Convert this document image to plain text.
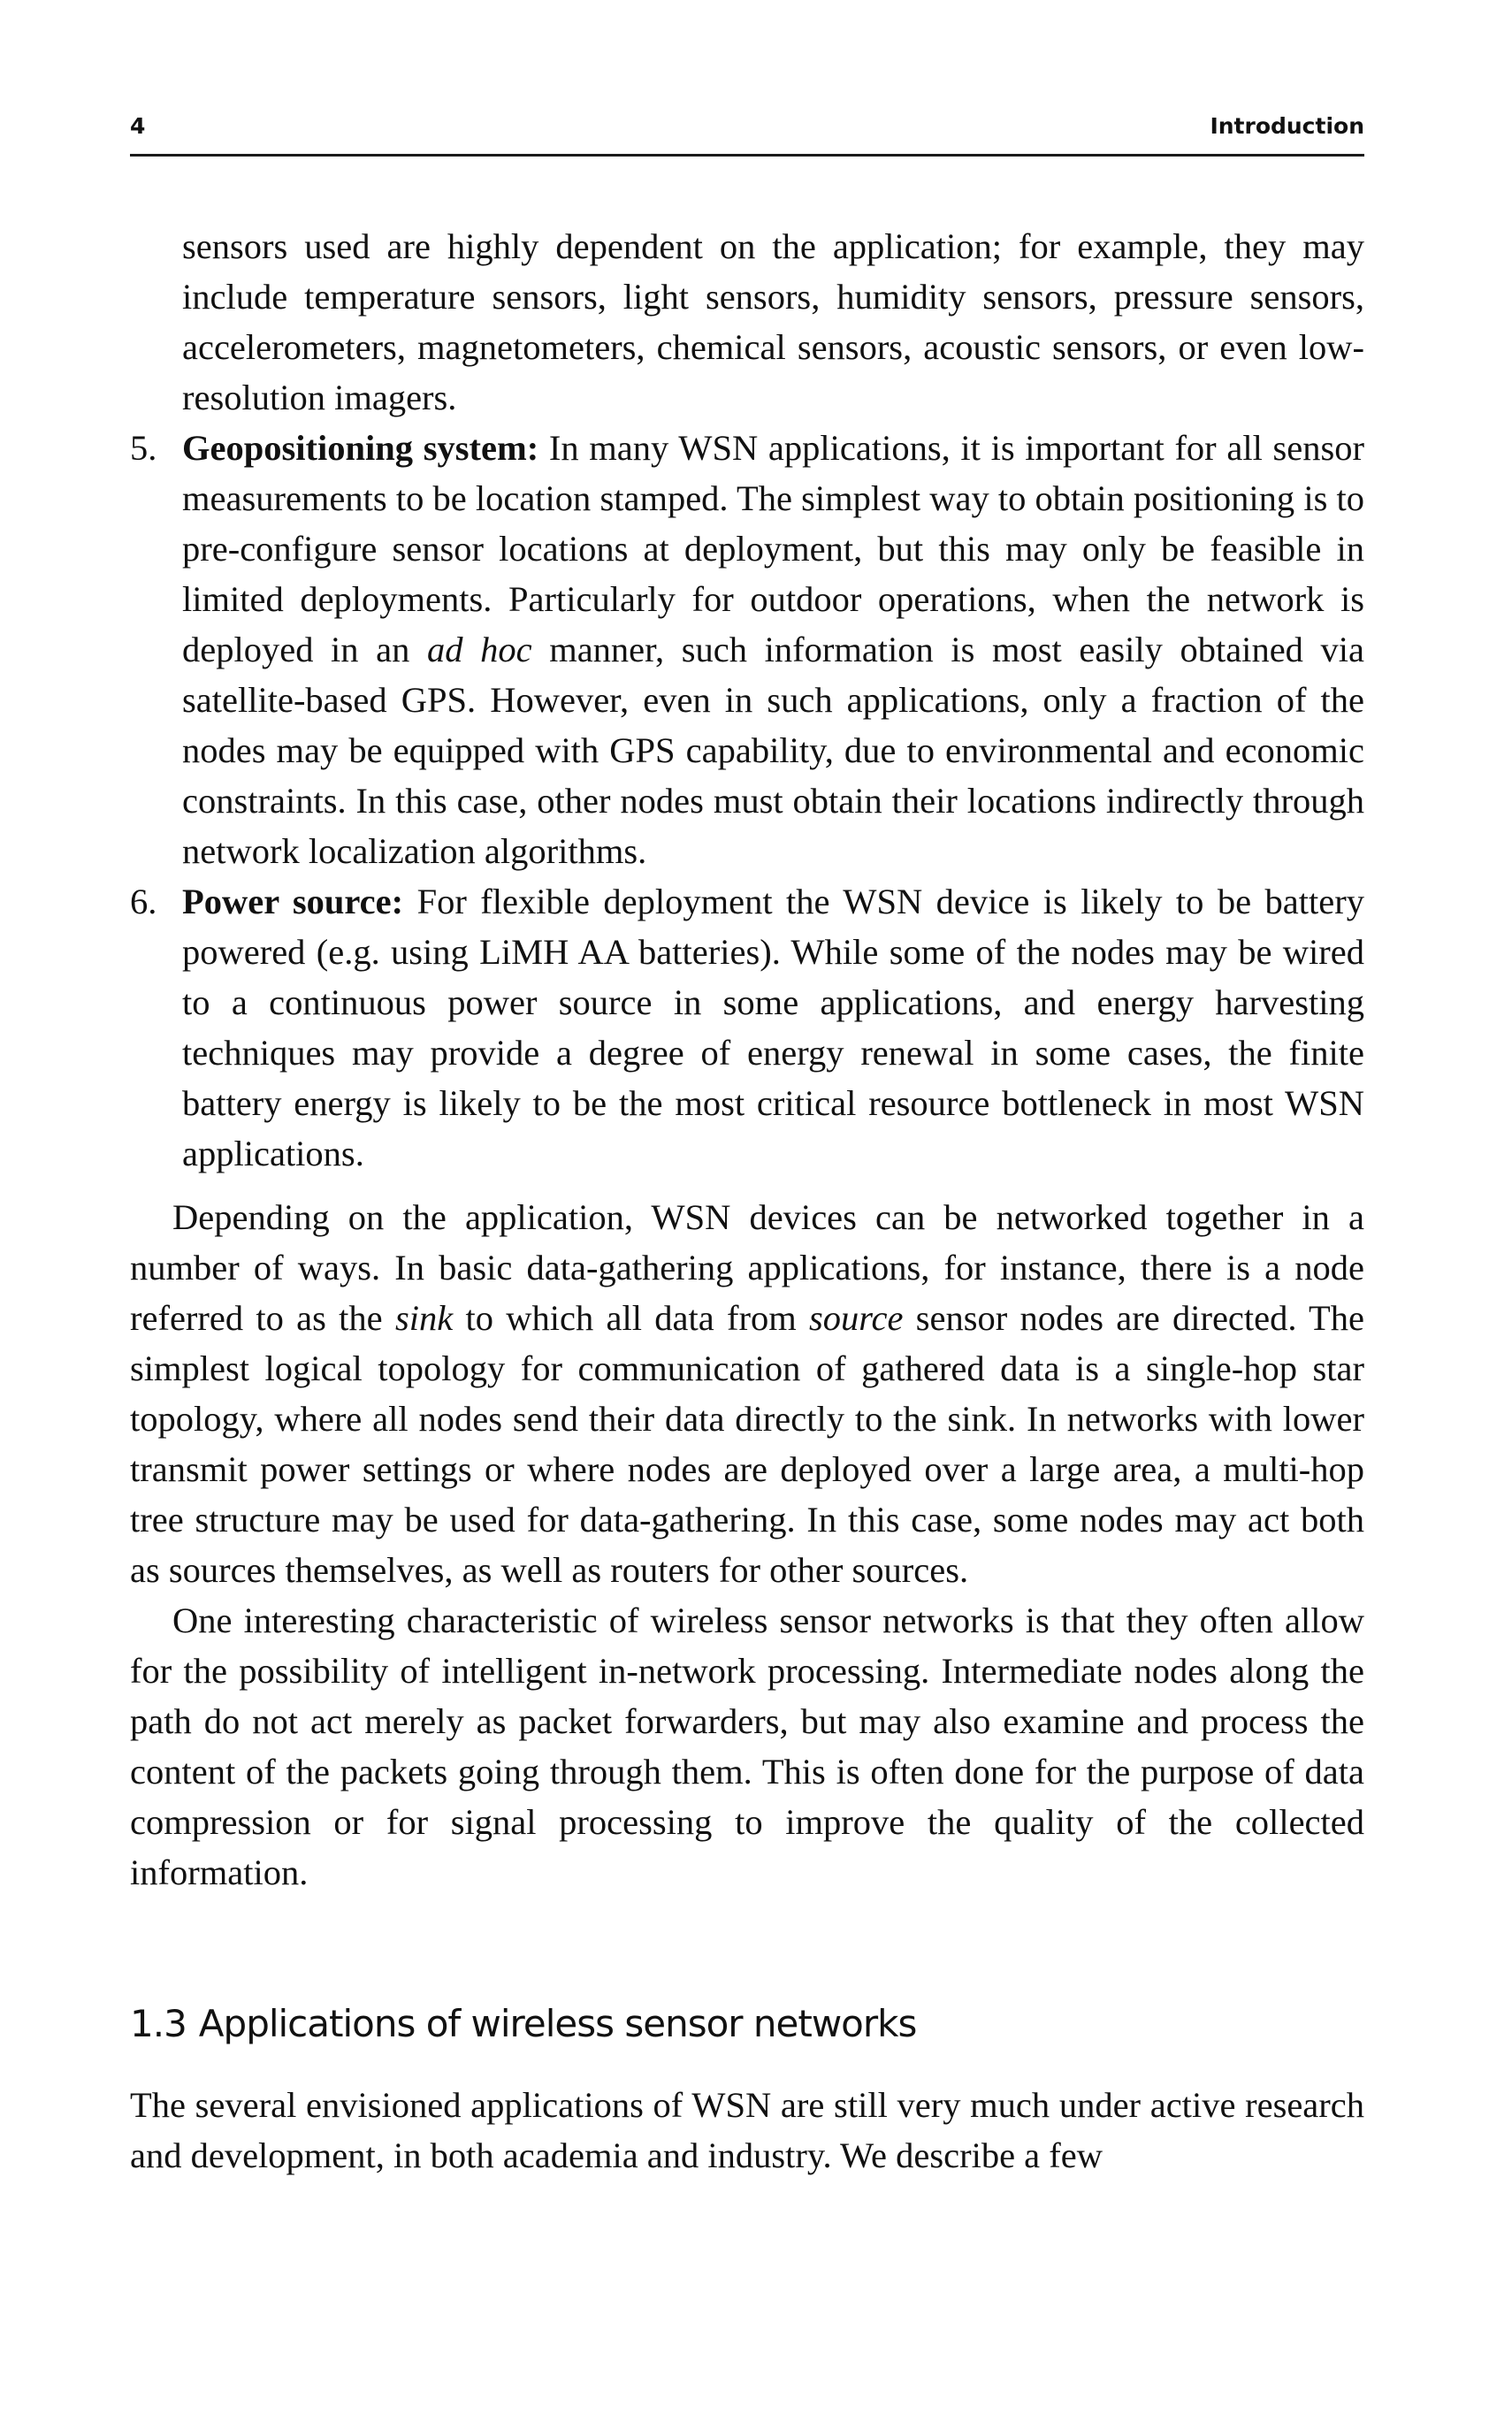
4	Introduction

sensors used are highly dependent on the application; for example, they may include temperature sensors, light sensors, humidity sensors, pressure sensors, accelerometers, magnetometers, chemical sensors, acoustic sensors, or even low-resolution imagers.

5. Geopositioning system: In many WSN applications, it is important for all sensor measurements to be location stamped. The simplest way to obtain positioning is to pre-configure sensor locations at deployment, but this may only be feasible in limited deployments. Particularly for outdoor operations, when the network is deployed in an ad hoc manner, such information is most easily obtained via satellite-based GPS. However, even in such applications, only a fraction of the nodes may be equipped with GPS capability, due to environmental and economic constraints. In this case, other nodes must obtain their locations indirectly through network localization algorithms.

6. Power source: For flexible deployment the WSN device is likely to be battery powered (e.g. using LiMH AA batteries). While some of the nodes may be wired to a continuous power source in some applications, and energy harvesting techniques may provide a degree of energy renewal in some cases, the finite battery energy is likely to be the most critical resource bottleneck in most WSN applications.

Depending on the application, WSN devices can be networked together in a number of ways. In basic data-gathering applications, for instance, there is a node referred to as the sink to which all data from source sensor nodes are directed. The simplest logical topology for communication of gathered data is a single-hop star topology, where all nodes send their data directly to the sink. In networks with lower transmit power settings or where nodes are deployed over a large area, a multi-hop tree structure may be used for data-gathering. In this case, some nodes may act both as sources themselves, as well as routers for other sources.

One interesting characteristic of wireless sensor networks is that they often allow for the possibility of intelligent in-network processing. Intermediate nodes along the path do not act merely as packet forwarders, but may also examine and process the content of the packets going through them. This is often done for the purpose of data compression or for signal processing to improve the quality of the collected information.

1.3 Applications of wireless sensor networks

The several envisioned applications of WSN are still very much under active research and development, in both academia and industry. We describe a few
